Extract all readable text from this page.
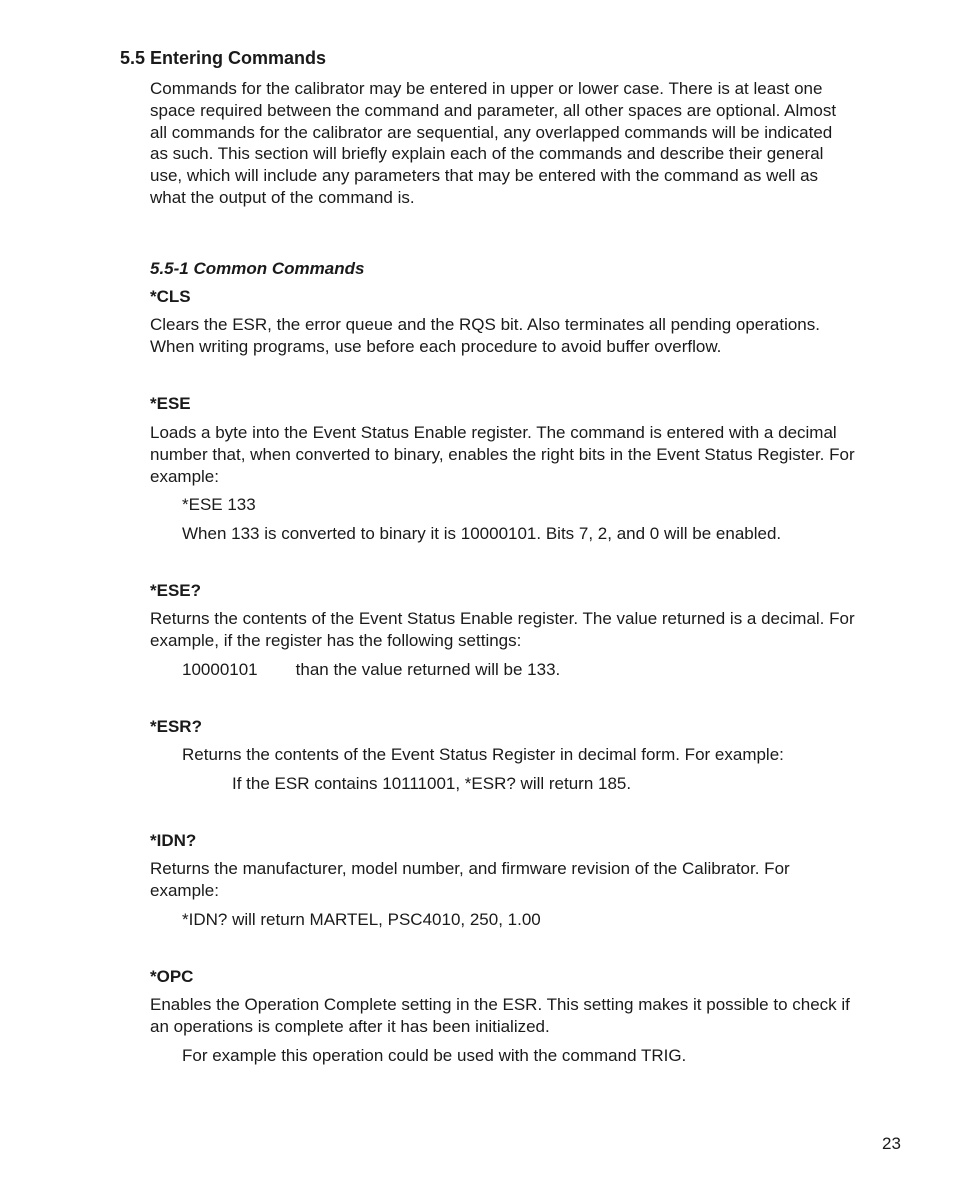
5.5 Entering Commands

Commands for the calibrator may be entered in upper or lower case. There is at least one
space required between the command and parameter, all other spaces are optional. Almost
all commands for the calibrator are sequential, any overlapped commands will be indicated
as such. This section will briefly explain each of the commands and describe their general
use, which will include any parameters that may be entered with the command as well as
what the output of the command is.

5.5-1 Common Commands

*CLS

Clears the ESR, the error queue and the RQS bit. Also terminates all pending operations.
When writing programs, use before each procedure to avoid buffer overflow.

*ESE

Loads a byte into the Event Status Enable register. The command is entered with a decimal
number that, when converted to binary, enables the right bits in the Event Status Register. For
example:

*ESE 133

When 133 is converted to binary it is 10000101. Bits 7, 2, and 0 will be enabled.

*ESE?

Returns the contents of the Event Status Enable register. The value returned is a decimal. For
example, if the register has the following settings:

10000101 than the value returned will be 133.

*ESR?

Returns the contents of the Event Status Register in decimal form. For example:

If the ESR contains 10111001, *ESR? will return 185.

*IDN?

Returns the manufacturer, model number, and firmware revision of the Calibrator. For
example:

*IDN? will return MARTEL, PSC4010, 250, 1.00

*OPC

Enables the Operation Complete setting in the ESR. This setting makes it possible to check if
an operations is complete after it has been initialized.

For example this operation could be used with the command TRIG.

23
